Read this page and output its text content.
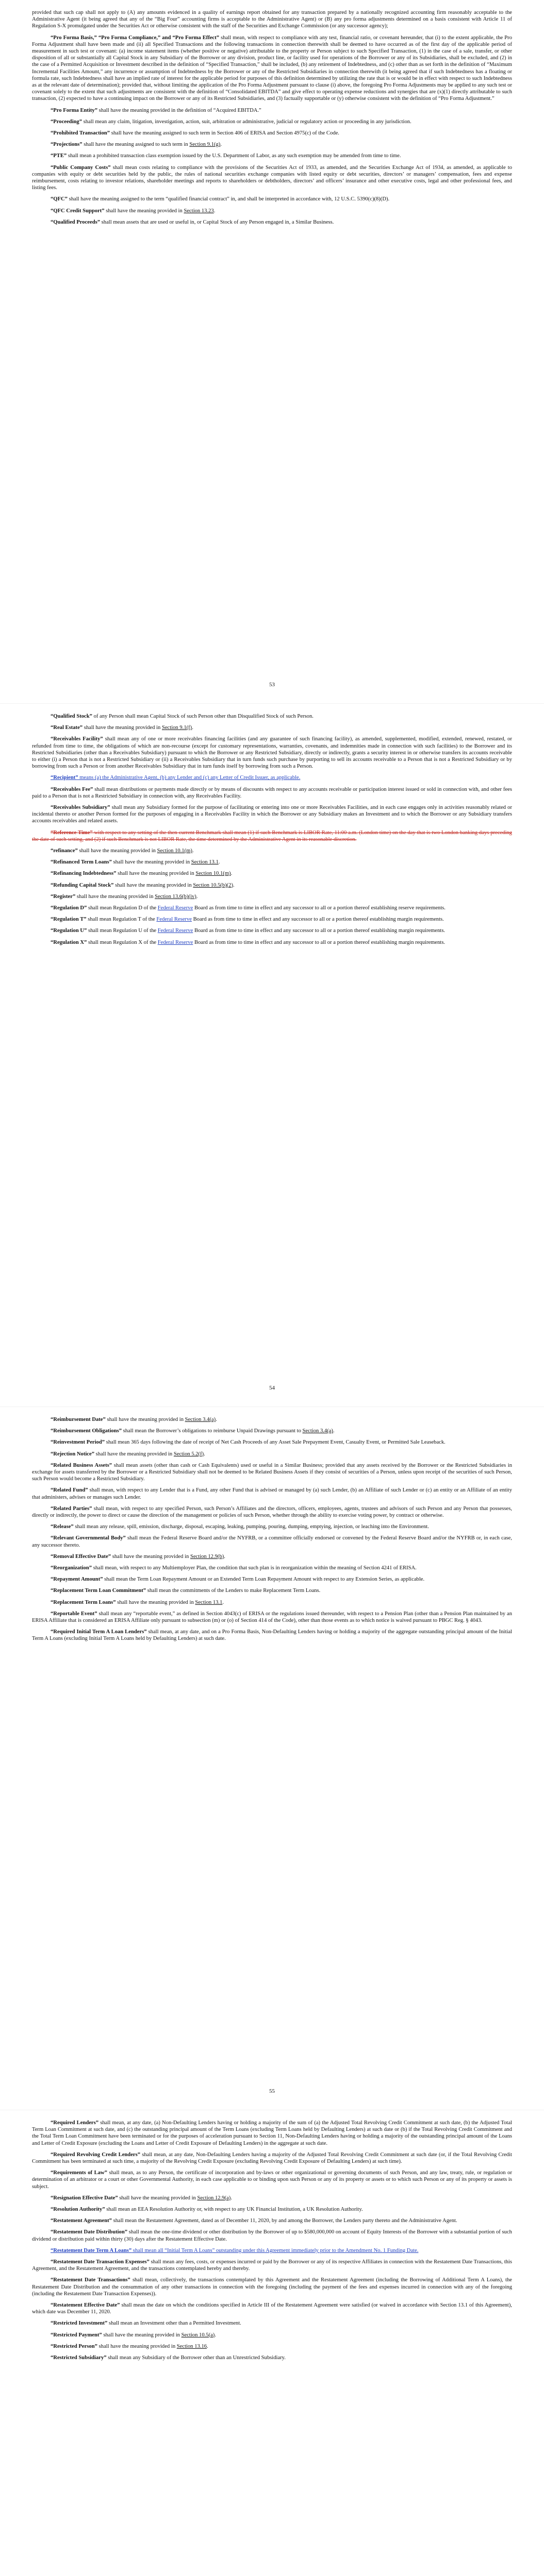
provided that such cap shall not apply to (A) any amounts evidenced in a quality of earnings report obtained for any transaction prepared by a nationally recognized accounting firm reasonably acceptable to the Administrative Agent (it being agreed that any of the “Big Four” accounting firms is acceptable to the Administrative Agent) or (B) any pro forma adjustments determined on a basis consistent with Article 11 of Regulation S-X promulgated under the Securities Act or otherwise consistent with the staff of the Securities and Exchange Commission (or any successor agency);

“Pro Forma Basis,” “Pro Forma Compliance,” and “Pro Forma Effect” shall mean, with respect to compliance with any test, financial ratio, or covenant hereunder, that (i) to the extent applicable, the Pro Forma Adjustment shall have been made and (ii) all Specified Transactions and the following transactions in connection therewith shall be deemed to have occurred as of the first day of the applicable period of measurement in such test or covenant: (a) income statement items (whether positive or negative) attributable to the property or Person subject to such Specified Transaction, (1) in the case of a sale, transfer, or other disposition of all or substantially all Capital Stock in any Subsidiary of the Borrower or any division, product line, or facility used for operations of the Borrower or any of its Subsidiaries, shall be excluded, and (2) in the case of a Permitted Acquisition or Investment described in the definition of “Specified Transaction,” shall be included, (b) any retirement of Indebtedness, and (c) other than as set forth in the definition of “Maximum Incremental Facilities Amount,” any incurrence or assumption of Indebtedness by the Borrower or any of the Restricted Subsidiaries in connection therewith (it being agreed that if such Indebtedness has a floating or formula rate, such Indebtedness shall have an implied rate of interest for the applicable period for purposes of this definition determined by utilizing the rate that is or would be in effect with respect to such Indebtedness as at the relevant date of determination); provided that, without limiting the application of the Pro Forma Adjustment pursuant to clause (i) above, the foregoing Pro Forma Adjustments may be applied to any such test or covenant solely to the extent that such adjustments are consistent with the definition of “Consolidated EBITDA” and give effect to operating expense reductions and synergies that are (x)(1) directly attributable to such transaction, (2) expected to have a continuing impact on the Borrower or any of its Restricted Subsidiaries, and (3) factually supportable or (y) otherwise consistent with the definition of “Pro Forma Adjustment.”

“Pro Forma Entity” shall have the meaning provided in the definition of “Acquired EBITDA.”

“Proceeding” shall mean any claim, litigation, investigation, action, suit, arbitration or administrative, judicial or regulatory action or proceeding in any jurisdiction.

“Prohibited Transaction” shall have the meaning assigned to such term in Section 406 of ERISA and Section 4975(c) of the Code.

“Projections” shall have the meaning assigned to such term in Section 9.1(g).

“PTE” shall mean a prohibited transaction class exemption issued by the U.S. Department of Labor, as any such exemption may be amended from time to time.

“Public Company Costs” shall mean costs relating to compliance with the provisions of the Securities Act of 1933, as amended, and the Securities Exchange Act of 1934, as amended, as applicable to companies with equity or debt securities held by the public, the rules of national securities exchange companies with listed equity or debt securities, directors’ or managers’ compensation, fees and expense reimbursement, costs relating to investor relations, shareholder meetings and reports to shareholders or debtholders, directors’ and officers’ insurance and other executive costs, legal and other professional fees, and listing fees.

“QFC” shall have the meaning assigned to the term “qualified financial contract” in, and shall be interpreted in accordance with, 12 U.S.C. 5390(c)(8)(D).

“QFC Credit Support” shall have the meaning provided in Section 13.23.

“Qualified Proceeds” shall mean assets that are used or useful in, or Capital Stock of any Person engaged in, a Similar Business.

53

“Qualified Stock” of any Person shall mean Capital Stock of such Person other than Disqualified Stock of such Person.

“Real Estate” shall have the meaning provided in Section 9.1(f).

“Receivables Facility” shall mean any of one or more receivables financing facilities (and any guarantee of such financing facility), as amended, supplemented, modified, extended, renewed, restated, or refunded from time to time, the obligations of which are non-recourse (except for customary representations, warranties, covenants, and indemnities made in connection with such facilities) to the Borrower and its Restricted Subsidiaries (other than a Receivables Subsidiary) pursuant to which the Borrower or any Restricted Subsidiary, directly or indirectly, grants a security interest in or otherwise transfers its accounts receivable to either (i) a Person that is not a Restricted Subsidiary or (ii) a Receivables Subsidiary that in turn funds such purchase by purporting to sell its accounts receivable to a Person that is not a Restricted Subsidiary or by borrowing from such a Person or from another Receivables Subsidiary that in turn funds itself by borrowing from such a Person.

“Recipient” means (a) the Administrative Agent, (b) any Lender and (c) any Letter of Credit Issuer, as applicable.

“Receivables Fee” shall mean distributions or payments made directly or by means of discounts with respect to any accounts receivable or participation interest issued or sold in connection with, and other fees paid to a Person that is not a Restricted Subsidiary in connection with, any Receivables Facility.

“Receivables Subsidiary” shall mean any Subsidiary formed for the purpose of facilitating or entering into one or more Receivables Facilities, and in each case engages only in activities reasonably related or incidental thereto or another Person formed for the purposes of engaging in a Receivables Facility in which the Borrower or any Subsidiary makes an Investment and to which the Borrower or any Subsidiary transfers accounts receivables and related assets.

“Reference Time” with respect to any setting of the then-current Benchmark shall mean (1) if such Benchmark is LIBOR Rate, 11:00 a.m. (London time) on the day that is two London banking days preceding the date of such setting, and (2) if such Benchmark is not LIBOR Rate, the time determined by the Administrative Agent in its reasonable discretion.

“refinance” shall have the meaning provided in Section 10.1(m).

“Refinanced Term Loans” shall have the meaning provided in Section 13.1.

“Refinancing Indebtedness” shall have the meaning provided in Section 10.1(m).

“Refunding Capital Stock” shall have the meaning provided in Section 10.5(b)(2).

“Register” shall have the meaning provided in Section 13.6(b)(iv).

“Regulation D” shall mean Regulation D of the Federal Reserve Board as from time to time in effect and any successor to all or a portion thereof establishing reserve requirements.

“Regulation T” shall mean Regulation T of the Federal Reserve Board as from time to time in effect and any successor to all or a portion thereof establishing margin requirements.

“Regulation U” shall mean Regulation U of the Federal Reserve Board as from time to time in effect and any successor to all or a portion thereof establishing margin requirements.

“Regulation X” shall mean Regulation X of the Federal Reserve Board as from time to time in effect and any successor to all or a portion thereof establishing margin requirements.

54

“Reimbursement Date” shall have the meaning provided in Section 3.4(a).

“Reimbursement Obligations” shall mean the Borrower’s obligations to reimburse Unpaid Drawings pursuant to Section 3.4(a).

“Reinvestment Period” shall mean 365 days following the date of receipt of Net Cash Proceeds of any Asset Sale Prepayment Event, Casualty Event, or Permitted Sale Leaseback.

“Rejection Notice” shall have the meaning provided in Section 5.2(f).

“Related Business Assets” shall mean assets (other than cash or Cash Equivalents) used or useful in a Similar Business; provided that any assets received by the Borrower or the Restricted Subsidiaries in exchange for assets transferred by the Borrower or a Restricted Subsidiary shall not be deemed to be Related Business Assets if they consist of securities of a Person, unless upon receipt of the securities of such Person, such Person would become a Restricted Subsidiary.

“Related Fund” shall mean, with respect to any Lender that is a Fund, any other Fund that is advised or managed by (a) such Lender, (b) an Affiliate of such Lender or (c) an entity or an Affiliate of an entity that administers, advises or manages such Lender.

“Related Parties” shall mean, with respect to any specified Person, such Person’s Affiliates and the directors, officers, employees, agents, trustees and advisors of such Person and any Person that possesses, directly or indirectly, the power to direct or cause the direction of the management or policies of such Person, whether through the ability to exercise voting power, by contract or otherwise.

“Release” shall mean any release, spill, emission, discharge, disposal, escaping, leaking, pumping, pouring, dumping, emptying, injection, or leaching into the Environment.

“Relevant Governmental Body” shall mean the Federal Reserve Board and/or the NYFRB, or a committee officially endorsed or convened by the Federal Reserve Board and/or the NYFRB or, in each case, any successor thereto.

“Removal Effective Date” shall have the meaning provided in Section 12.9(b).

“Reorganization” shall mean, with respect to any Multiemployer Plan, the condition that such plan is in reorganization within the meaning of Section 4241 of ERISA.

“Repayment Amount” shall mean the Term Loan Repayment Amount or an Extended Term Loan Repayment Amount with respect to any Extension Series, as applicable.

“Replacement Term Loan Commitment” shall mean the commitments of the Lenders to make Replacement Term Loans.

“Replacement Term Loans” shall have the meaning provided in Section 13.1.

“Reportable Event” shall mean any “reportable event,” as defined in Section 4043(c) of ERISA or the regulations issued thereunder, with respect to a Pension Plan (other than a Pension Plan maintained by an ERISA Affiliate that is considered an ERISA Affiliate only pursuant to subsection (m) or (o) of Section 414 of the Code), other than those events as to which notice is waived pursuant to PBGC Reg. § 4043.

“Required Initial Term A Loan Lenders” shall mean, at any date, and on a Pro Forma Basis, Non-Defaulting Lenders having or holding a majority of the aggregate outstanding principal amount of the Initial Term A Loans (excluding Initial Term A Loans held by Defaulting Lenders) at such date.

55

“Required Lenders” shall mean, at any date, (a) Non-Defaulting Lenders having or holding a majority of the sum of (a) the Adjusted Total Revolving Credit Commitment at such date, (b) the Adjusted Total Term Loan Commitment at such date, and (c) the outstanding principal amount of the Term Loans (excluding Term Loans held by Defaulting Lenders) at such date or (b) if the Total Revolving Credit Commitment and the Total Term Loan Commitment have been terminated or for the purposes of acceleration pursuant to Section 11, Non-Defaulting Lenders having or holding a majority of the outstanding principal amount of the Loans and Letter of Credit Exposure (excluding the Loans and Letter of Credit Exposure of Defaulting Lenders) in the aggregate at such date.

“Required Revolving Credit Lenders” shall mean, at any date, Non-Defaulting Lenders having a majority of the Adjusted Total Revolving Credit Commitment at such date (or, if the Total Revolving Credit Commitment has been terminated at such time, a majority of the Revolving Credit Exposure (excluding Revolving Credit Exposure of Defaulting Lenders) at such time).

“Requirements of Law” shall mean, as to any Person, the certificate of incorporation and by-laws or other organizational or governing documents of such Person, and any law, treaty, rule, or regulation or determination of an arbitrator or a court or other Governmental Authority, in each case applicable to or binding upon such Person or any of its property or assets or to which such Person or any of its property or assets is subject.

“Resignation Effective Date” shall have the meaning provided in Section 12.9(a).

“Resolution Authority” shall mean an EEA Resolution Authority or, with respect to any UK Financial Institution, a UK Resolution Authority.

“Restatement Agreement” shall mean the Restatement Agreement, dated as of December 11, 2020, by and among the Borrower, the Lenders party thereto and the Administrative Agent.

“Restatement Date Distribution” shall mean the one-time dividend or other distribution by the Borrower of up to $580,000,000 on account of Equity Interests of the Borrower with a substantial portion of such dividend or distribution paid within thirty (30) days after the Restatement Effective Date.

“Restatement Date Term A Loans” shall mean all “Initial Term A Loans” outstanding under this Agreement immediately prior to the Amendment No. 1 Funding Date.

“Restatement Date Transaction Expenses” shall mean any fees, costs, or expenses incurred or paid by the Borrower or any of its respective Affiliates in connection with the Restatement Date Transactions, this Agreement, and the Restatement Agreement, and the transactions contemplated hereby and thereby.

“Restatement Date Transactions” shall mean, collectively, the transactions contemplated by this Agreement and the Restatement Agreement (including the Borrowing of Additional Term A Loans), the Restatement Date Distribution and the consummation of any other transactions in connection with the foregoing (including the payment of the fees and expenses incurred in connection with any of the foregoing (including the Restatement Date Transaction Expenses)).

“Restatement Effective Date” shall mean the date on which the conditions specified in Article III of the Restatement Agreement were satisfied (or waived in accordance with Section 13.1 of this Agreement), which date was December 11, 2020.

“Restricted Investment” shall mean an Investment other than a Permitted Investment.

“Restricted Payment” shall have the meaning provided in Section 10.5(a).

“Restricted Person” shall have the meaning provided in Section 13.16.

“Restricted Subsidiary” shall mean any Subsidiary of the Borrower other than an Unrestricted Subsidiary.
